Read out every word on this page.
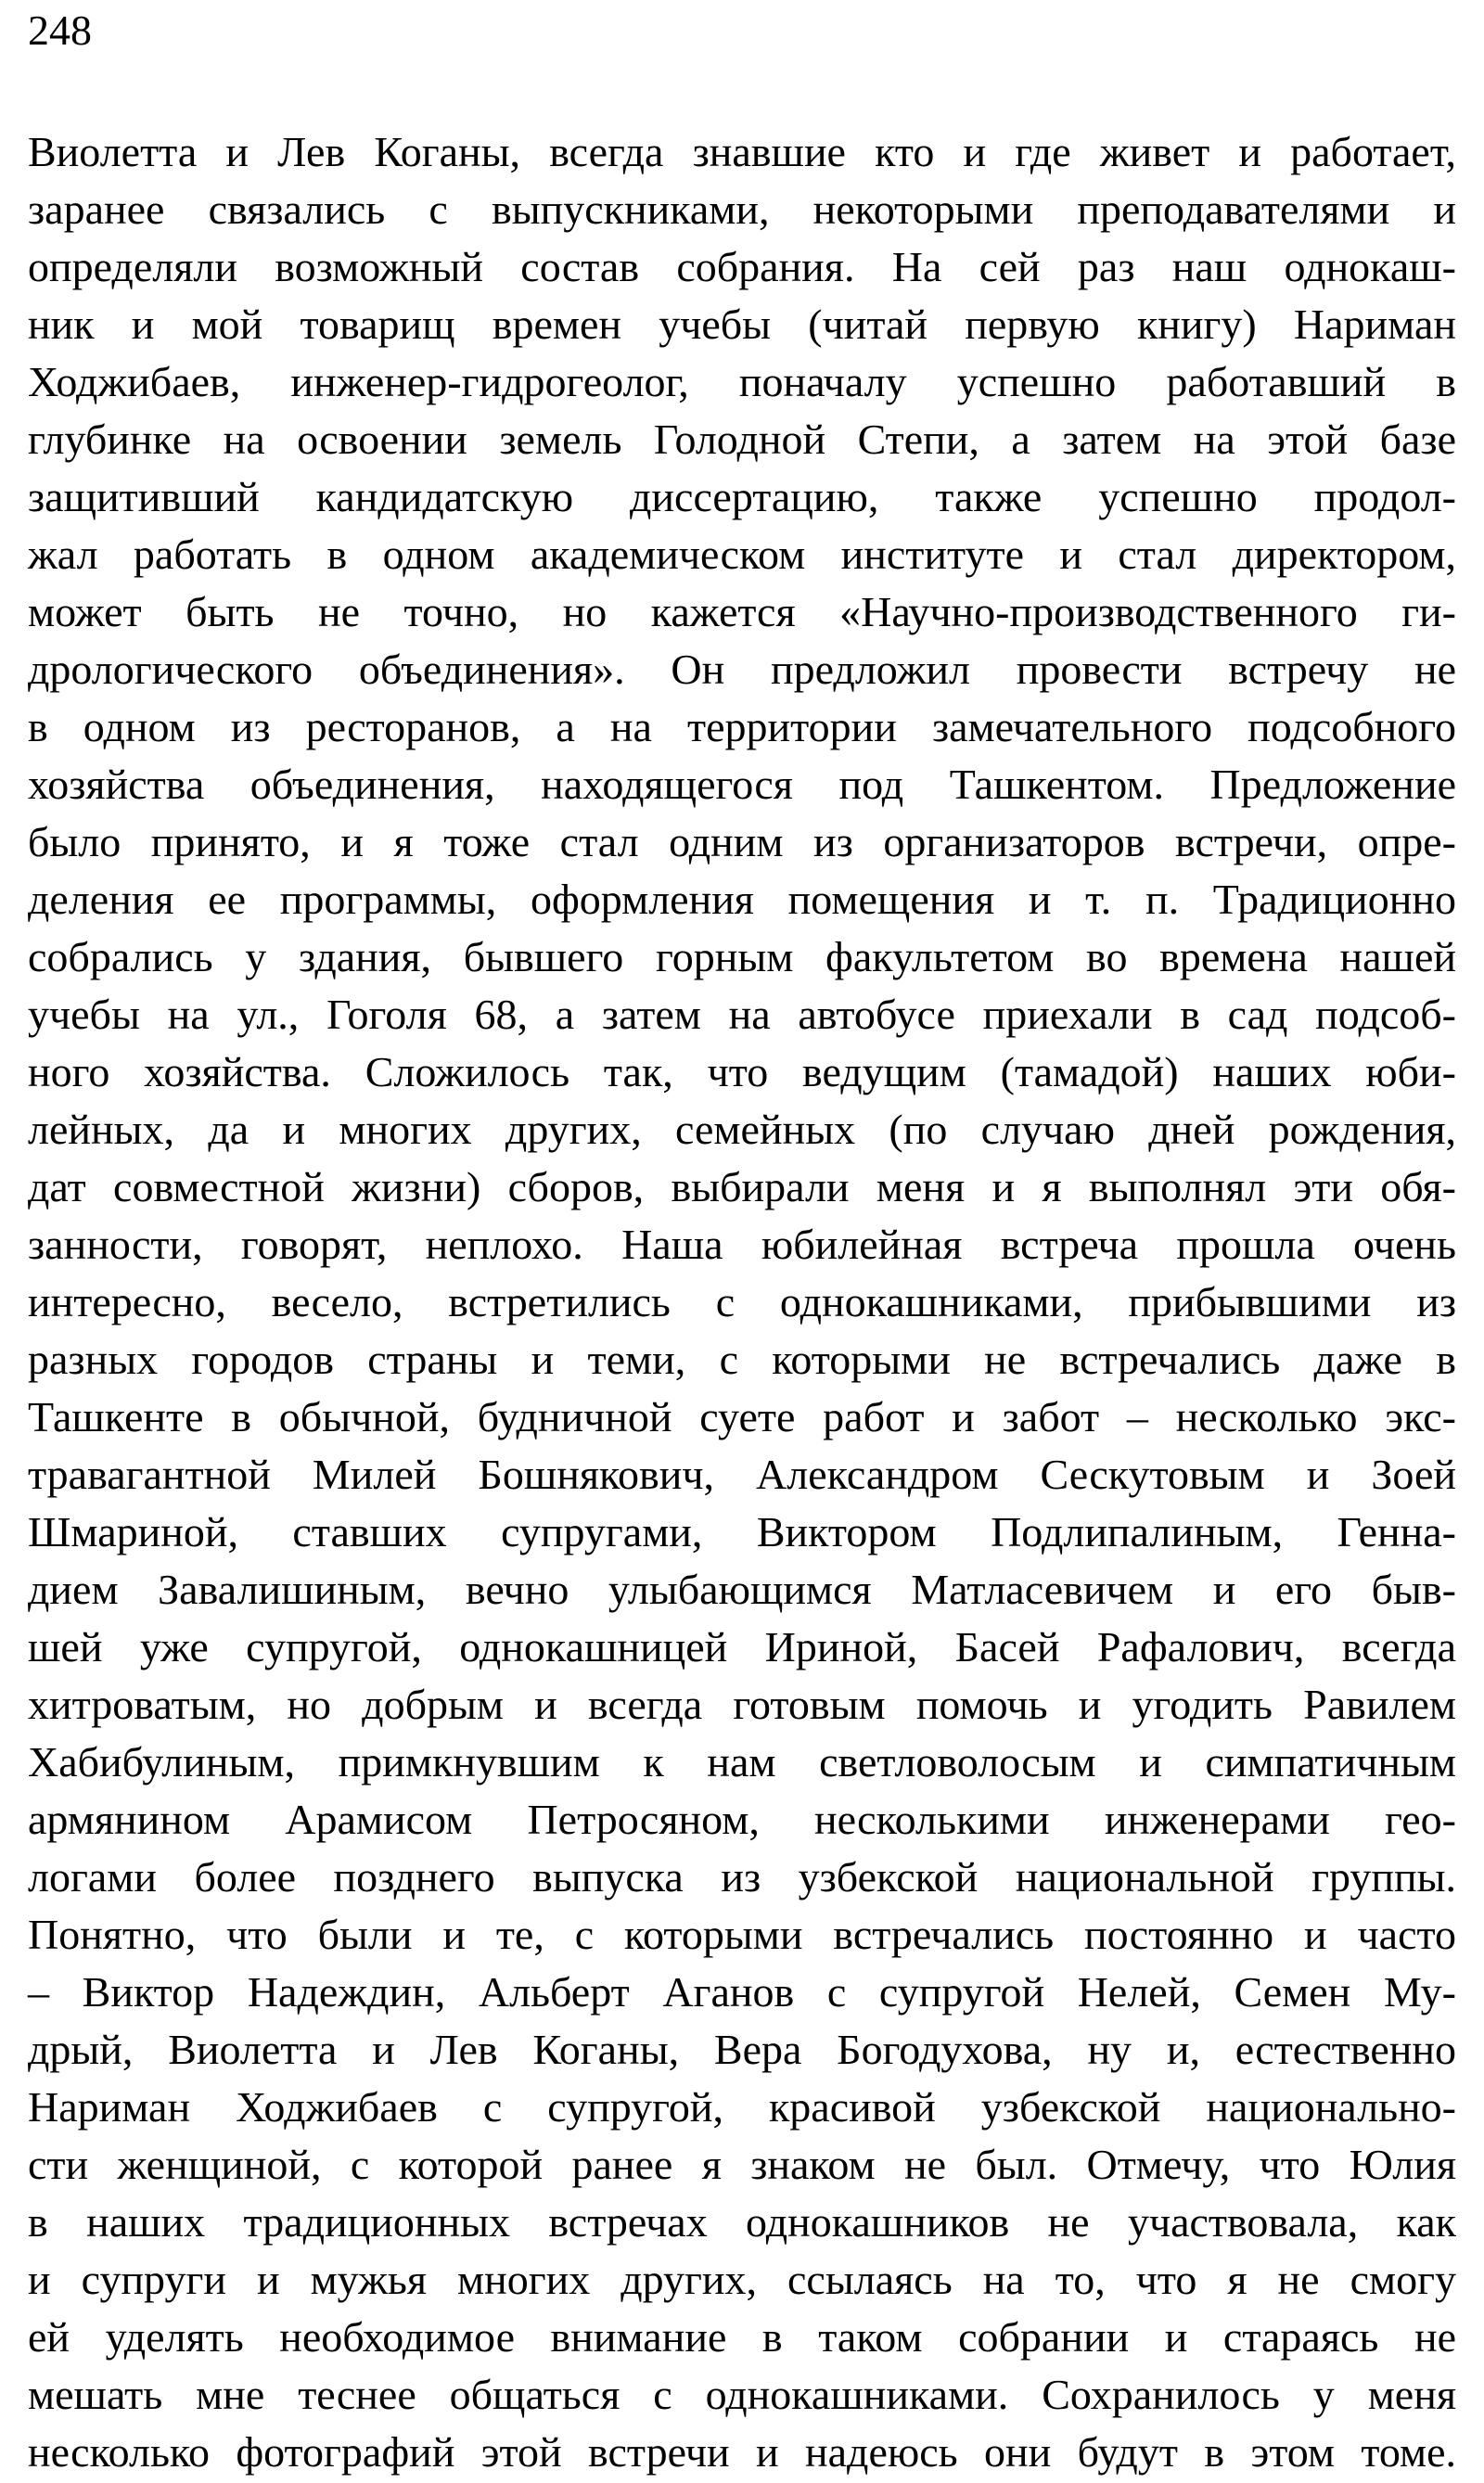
248
Виолетта и Лев Коганы, всегда знавшие кто и где живет и работает,
заранее связались с выпускниками, некоторыми преподавателями и
определяли возможный состав собрания. На сей раз наш однокаш-
ник и мой товарищ времен учебы (читай первую книгу) Нариман
Ходжибаев, инженер-гидрогеолог, поначалу успешно работавший в
глубинке на освоении земель Голодной Степи, а затем на этой базе
защитивший кандидатскую диссертацию, также успешно продол-
жал работать в одном академическом институте и стал директором,
может быть не точно, но кажется «Научно-производственного ги-
дрологического объединения». Он предложил провести встречу не
в одном из ресторанов, а на территории замечательного подсобного
хозяйства объединения, находящегося под Ташкентом. Предложение
было принято, и я тоже стал одним из организаторов встречи, опре-
деления ее программы, оформления помещения и т. п. Традиционно
собрались у здания, бывшего горным факультетом во времена нашей
учебы на ул., Гоголя 68, а затем на автобусе приехали в сад подсоб-
ного хозяйства. Сложилось так, что ведущим (тамадой) наших юби-
лейных, да и многих других, семейных (по случаю дней рождения,
дат совместной жизни) сборов, выбирали меня и я выполнял эти обя-
занности, говорят, неплохо. Наша юбилейная встреча прошла очень
интересно, весело, встретились с однокашниками, прибывшими из
разных городов страны и теми, с которыми не встречались даже в
Ташкенте в обычной, будничной суете работ и забот – несколько экс-
травагантной Милей Бошнякович, Александром Сескутовым и Зоей
Шмариной, ставших супругами, Виктором Подлипалиным, Генна-
дием Завалишиным, вечно улыбающимся Матласевичем и его быв-
шей уже супругой, однокашницей Ириной, Басей Рафалович, всегда
хитроватым, но добрым и всегда готовым помочь и угодить Равилем
Хабибулиным, примкнувшим к нам светловолосым и симпатичным
армянином Арамисом Петросяном, несколькими инженерами гео-
логами более позднего выпуска из узбекской национальной группы.
Понятно, что были и те, с которыми встречались постоянно и часто
– Виктор Надеждин, Альберт Аганов с супругой Нелей, Семен Му-
дрый, Виолетта и Лев Коганы, Вера Богодухова, ну и, естественно
Нариман Ходжибаев с супругой, красивой узбекской национально-
сти женщиной, с которой ранее я знаком не был. Отмечу, что Юлия
в наших традиционных встречах однокашников не участвовала, как
и супруги и мужья многих других, ссылаясь на то, что я не смогу
ей уделять необходимое внимание в таком собрании и стараясь не
мешать мне теснее общаться с однокашниками. Сохранилось у меня
несколько фотографий этой встречи и надеюсь они будут в этом томе.
